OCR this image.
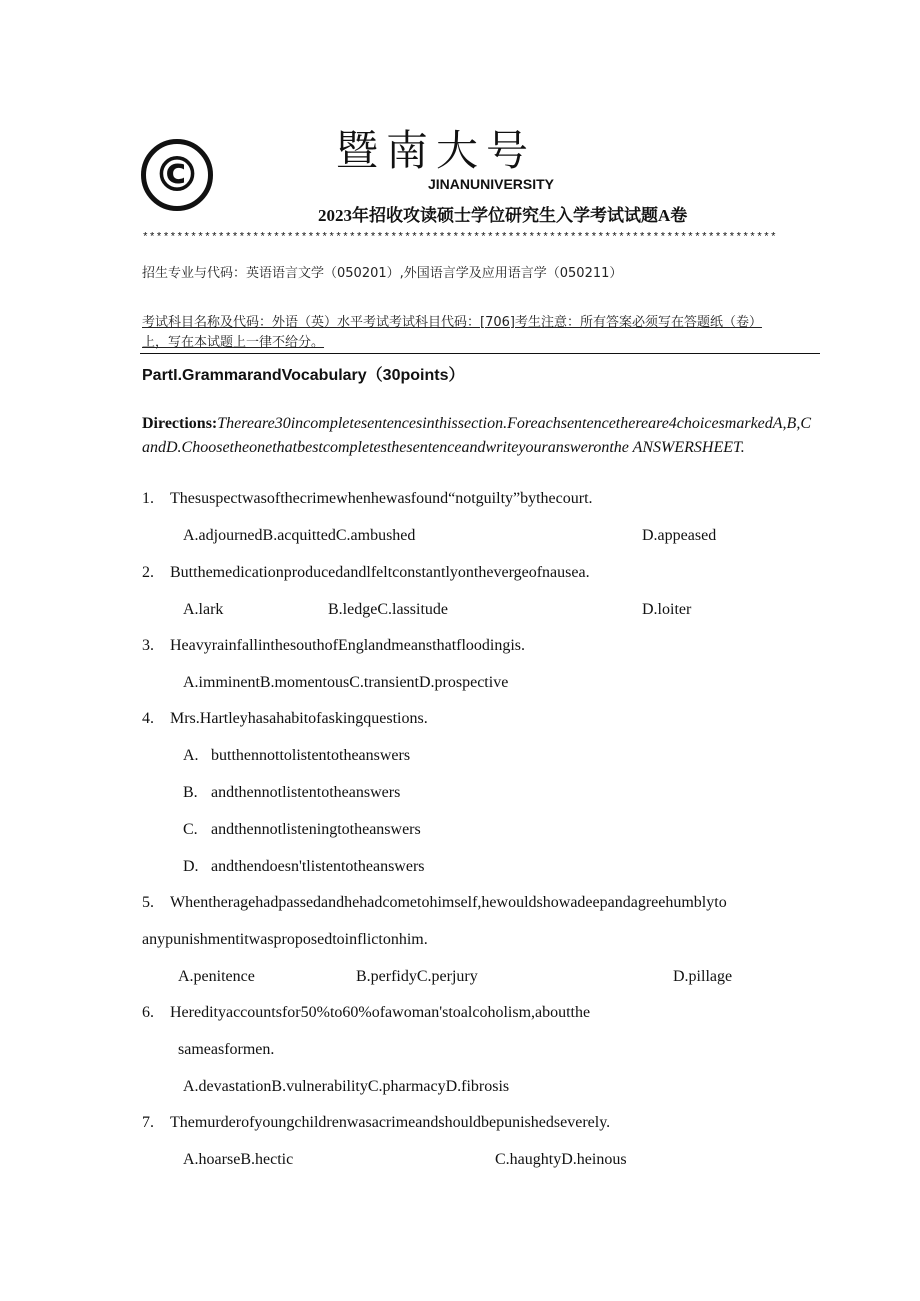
©	暨南大号
JINANUNIVERSITY
2023年招收攻读硕士学位研究生入学考试试题A卷
********************************************************************************************
招生专业与代码：英语语言文学（050201）,外国语言学及应用语言学（050211）
考试科目名称及代码：外语（英）水平考试考试科目代码：[706]考生注意：所有答案必须写在答题纸（卷）
上，写在本试题上一律不给分。
PartI.GrammarandVocabulary（30points）
Directions:Thereare30incompletesentencesinthissection.Foreachsentencethereare4choicesmarkedA,B,CandD.Choosetheonethatbestcompletesthesentenceandwriteyouransweronthe ANSWERSHEET.
1. Thesuspectwasofthecrimewhenhewasfound“notguilty”bythecourt.
A.adjournedB.acquittedC.ambushed	D.appeased
2. Butthemedicationproducedandlfeltconstantlyonthevergeofnausea.
A.lark	B.ledgeC.lassitude	D.loiter
3. HeavyrainfallinthesouthofEnglandmeansthatfloodingis.
A.imminentB.momentousC.transientD.prospective
4. Mrs.Hartleyhasahabitofaskingquestions.
A. butthennottolistentotheanswers
B. andthennotlistentotheanswers
C. andthennotlisteningtotheanswers
D. andthendoesn'tlistentotheanswers
5. Whentheragehadpassedandhehadcometohimself,hewouldshowadeepandagreehumblyto
anypunishmentitwasproposedtoinflictonhim.
A.penitence	B.perfidyC.perjury	D.pillage
6. Heredityaccountsfor50%to60%ofawoman'stoalcoholism,aboutthe
sameasformen.
A.devastationB.vulnerabilityC.pharmacyD.fibrosis
7. Themurderofyoungchildrenwasacrimeandshouldbepunishedseverely.
A.hoarseB.hectic	C.haughtyD.heinous
